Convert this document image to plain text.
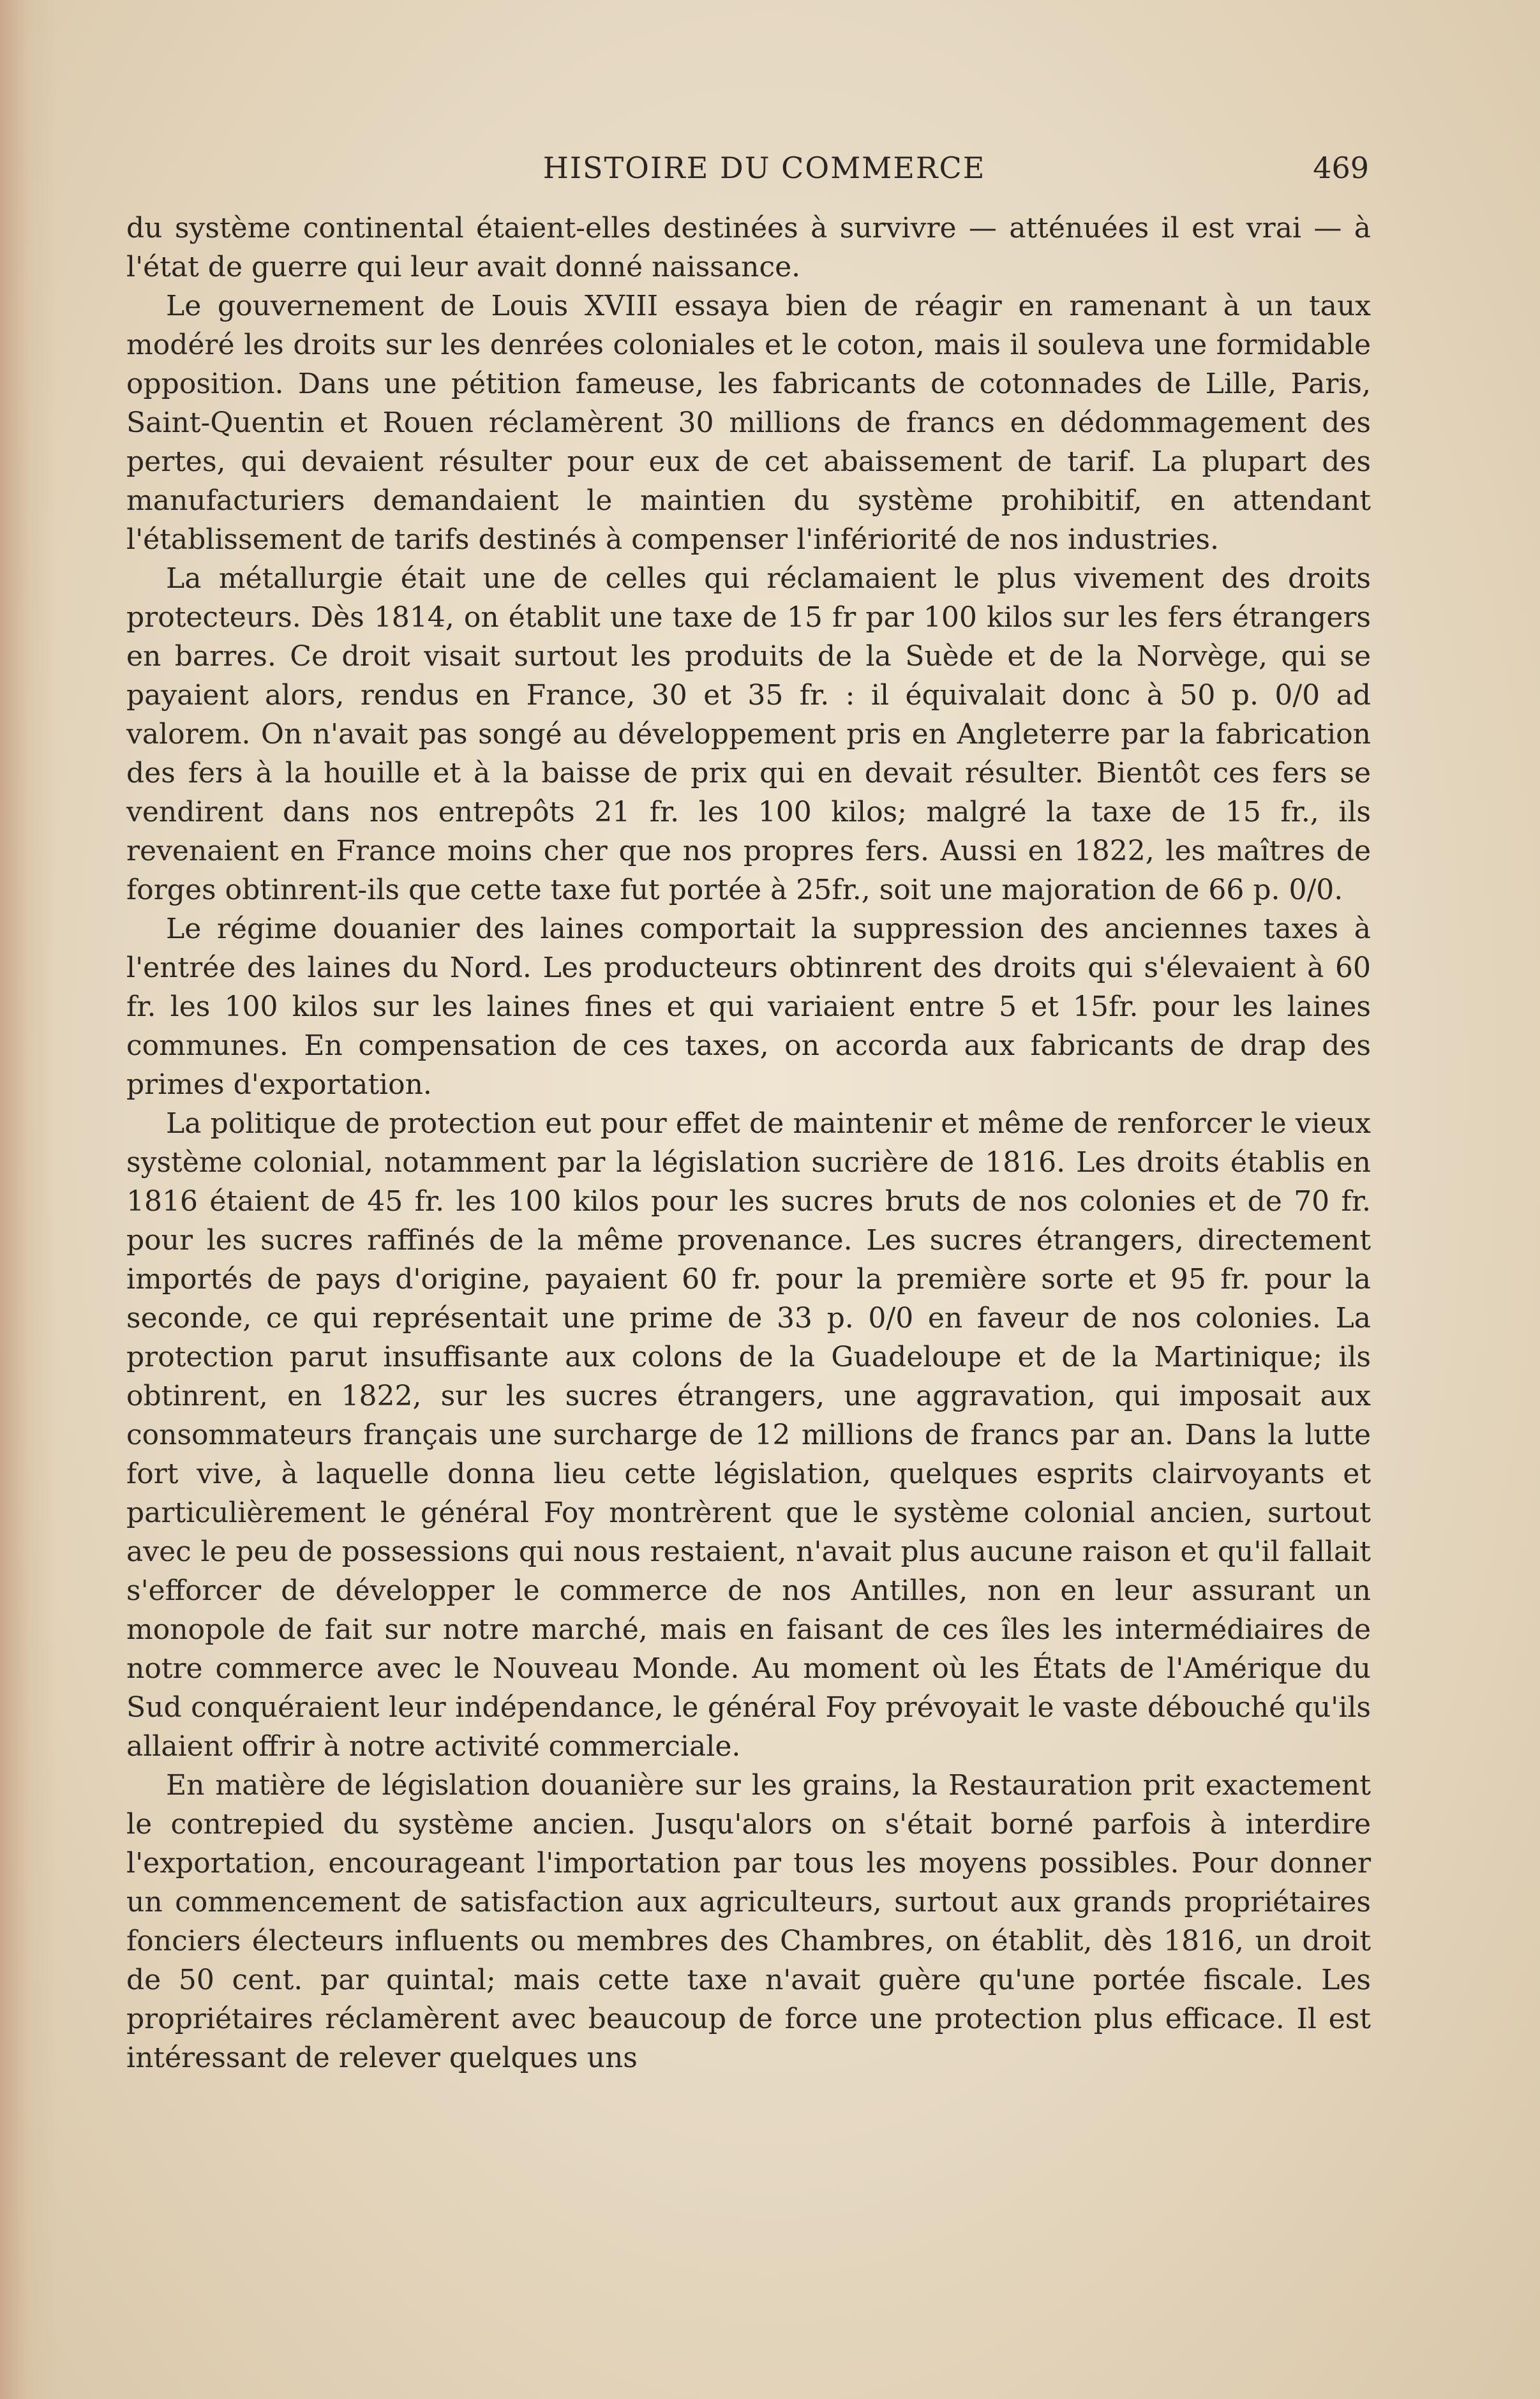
HISTOIRE DU COMMERCE	469

du système continental étaient-elles destinées à survivre — atténuées il est vrai — à l'état de guerre qui leur avait donné naissance.

Le gouvernement de Louis XVIII essaya bien de réagir en ramenant à un taux modéré les droits sur les denrées coloniales et le coton, mais il souleva une formidable opposition. Dans une pétition fameuse, les fabricants de cotonnades de Lille, Paris, Saint-Quentin et Rouen réclamèrent 30 millions de francs en dédommagement des pertes, qui devaient résulter pour eux de cet abaissement de tarif. La plupart des manufacturiers demandaient le maintien du système prohibitif, en attendant l'établissement de tarifs destinés à compenser l'infériorité de nos industries.

La métallurgie était une de celles qui réclamaient le plus vivement des droits protecteurs. Dès 1814, on établit une taxe de 15 fr par 100 kilos sur les fers étrangers en barres. Ce droit visait surtout les produits de la Suède et de la Norvège, qui se payaient alors, rendus en France, 30 et 35 fr. : il équivalait donc à 50 p. 0/0 ad valorem. On n'avait pas songé au développement pris en Angleterre par la fabrication des fers à la houille et à la baisse de prix qui en devait résulter. Bientôt ces fers se vendirent dans nos entrepôts 21 fr. les 100 kilos; malgré la taxe de 15 fr., ils revenaient en France moins cher que nos propres fers. Aussi en 1822, les maîtres de forges obtinrent-ils que cette taxe fut portée à 25fr., soit une majoration de 66 p. 0/0.

Le régime douanier des laines comportait la suppression des anciennes taxes à l'entrée des laines du Nord. Les producteurs obtinrent des droits qui s'élevaient à 60 fr. les 100 kilos sur les laines fines et qui variaient entre 5 et 15fr. pour les laines communes. En compensation de ces taxes, on accorda aux fabricants de drap des primes d'exportation.

La politique de protection eut pour effet de maintenir et même de renforcer le vieux système colonial, notamment par la législation sucrière de 1816. Les droits établis en 1816 étaient de 45 fr. les 100 kilos pour les sucres bruts de nos colonies et de 70 fr. pour les sucres raffinés de la même provenance. Les sucres étrangers, directement importés de pays d'origine, payaient 60 fr. pour la première sorte et 95 fr. pour la seconde, ce qui représentait une prime de 33 p. 0/0 en faveur de nos colonies. La protection parut insuffisante aux colons de la Guadeloupe et de la Martinique; ils obtinrent, en 1822, sur les sucres étrangers, une aggravation, qui imposait aux consommateurs français une surcharge de 12 millions de francs par an. Dans la lutte fort vive, à laquelle donna lieu cette législation, quelques esprits clairvoyants et particulièrement le général Foy montrèrent que le système colonial ancien, surtout avec le peu de possessions qui nous restaient, n'avait plus aucune raison et qu'il fallait s'efforcer de développer le commerce de nos Antilles, non en leur assurant un monopole de fait sur notre marché, mais en faisant de ces îles les intermédiaires de notre commerce avec le Nouveau Monde. Au moment où les États de l'Amérique du Sud conquéraient leur indépendance, le général Foy prévoyait le vaste débouché qu'ils allaient offrir à notre activité commerciale.

En matière de législation douanière sur les grains, la Restauration prit exactement le contrepied du système ancien. Jusqu'alors on s'était borné parfois à interdire l'exportation, encourageant l'importation par tous les moyens possibles. Pour donner un commencement de satisfaction aux agriculteurs, surtout aux grands propriétaires fonciers électeurs influents ou membres des Chambres, on établit, dès 1816, un droit de 50 cent. par quintal; mais cette taxe n'avait guère qu'une portée fiscale. Les propriétaires réclamèrent avec beaucoup de force une protection plus efficace. Il est intéressant de relever quelques uns
